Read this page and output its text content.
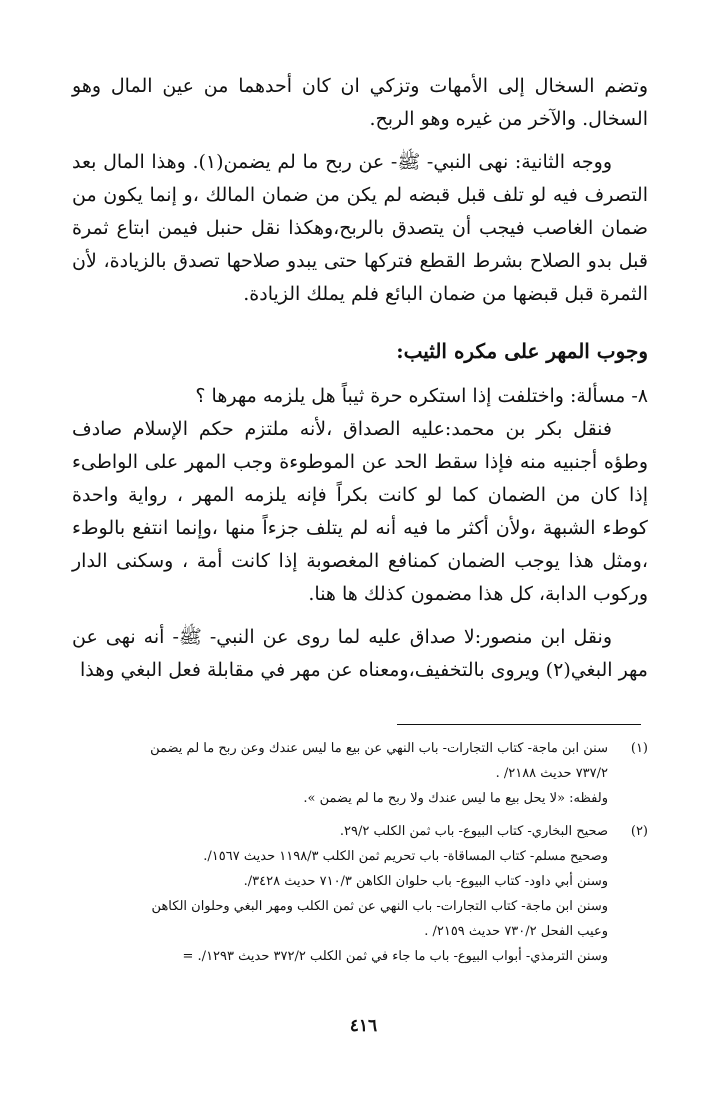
وتضم السخال إلى الأمهات وتزكي ان كان أحدهما من عين المال وهو السخال. والآخر من غيره وهو الربح.

ووجه الثانية: نهى النبي- ﷺ- عن ربح ما لم يضمن(١). وهذا المال بعد التصرف فيه لو تلف قبل قبضه لم يكن من ضمان المالك ،و إنما يكون من ضمان الغاصب فيجب أن يتصدق بالربح،وهكذا نقل حنبل فيمن ابتاع ثمرة قبل بدو الصلاح بشرط القطع فتركها حتى يبدو صلاحها تصدق بالزيادة، لأن الثمرة قبل قبضها من ضمان البائع فلم يملك الزيادة.

وجوب المهر على مكره الثيب:

٨- مسألة: واختلفت إذا استكره حرة ثيباً هل يلزمه مهرها ؟

فنقل بكر بن محمد:عليه الصداق ،لأنه ملتزم حكم الإسلام صادف وطؤه أجنبيه منه فإذا سقط الحد عن الموطوءة وجب المهر على الواطىء إذا كان من الضمان كما لو كانت بكراً فإنه يلزمه المهر ، رواية واحدة كوطء الشبهة ،ولأن أكثر ما فيه أنه لم يتلف جزءاً منها ،وإنما انتفع بالوطء ،ومثل هذا يوجب الضمان كمنافع المغصوبة إذا كانت أمة ، وسكنى الدار وركوب الدابة، كل هذا مضمون كذلك ها هنا.

ونقل ابن منصور:لا صداق عليه لما روى عن النبي- ﷺ- أنه نهى عن مهر البغي(٢) ويروى بالتخفيف،ومعناه عن مهر في مقابلة فعل البغي وهذا

(١)
سنن ابن ماجة- كتاب التجارات- باب النهي عن بيع ما ليس عندك وعن ربح ما لم يضمن
٧٣٧/٢ حديث ٢١٨٨/ .
ولفظه: «لا يحل بيع ما ليس عندك ولا ربح ما لم يضمن ».
(٢)
صحيح البخاري- كتاب البيوع- باب ثمن الكلب ٢٩/٢.
وصحيح مسلم- كتاب المساقاة- باب تحريم ثمن الكلب ١١٩٨/٣ حديث ١٥٦٧/.
وسنن أبي داود- كتاب البيوع- باب حلوان الكاهن ٧١٠/٣ حديث ٣٤٢٨/.
وسنن ابن ماجة- كتاب التجارات- باب النهي عن ثمن الكلب ومهر البغي وحلوان الكاهن
وعيب الفحل ٧٣٠/٢ حديث ٢١٥٩/ .
وسنن الترمذي- أبواب البيوع- باب ما جاء في ثمن الكلب ٣٧٢/٢ حديث ١٢٩٣/. =
٤١٦
